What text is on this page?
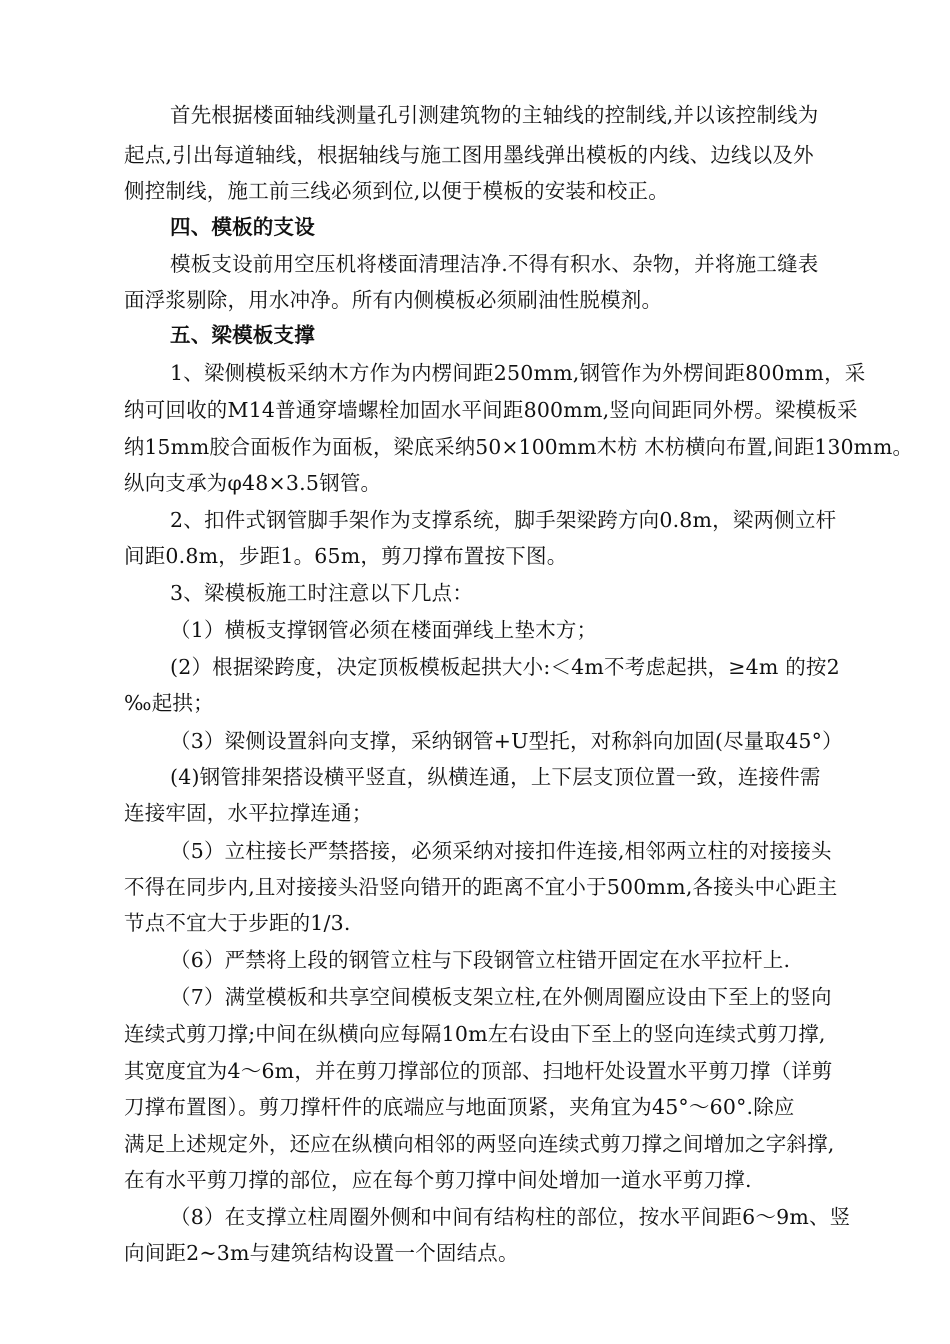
首先根据楼面轴线测量孔引测建筑物的主轴线的控制线,并以该控制线为
起点,引出每道轴线，根据轴线与施工图用墨线弹出模板的内线、边线以及外
侧控制线，施工前三线必须到位,以便于模板的安装和校正。
四、模板的支设
模板支设前用空压机将楼面清理洁净.不得有积水、杂物，并将施工缝表
面浮浆剔除，用水冲净。所有内侧模板必须刷油性脱模剂。
五、梁模板支撑
1、梁侧模板采纳木方作为内楞间距250mm,钢管作为外楞间距800mm，采
纳可回收的M14普通穿墙螺栓加固水平间距800mm,竖向间距同外楞。梁模板采
纳15mm胶合面板作为面板，梁底采纳50×100mm木枋 木枋横向布置,间距130mm。
纵向支承为φ48×3.5钢管。
2、扣件式钢管脚手架作为支撑系统，脚手架梁跨方向0.8m，梁两侧立杆
间距0.8m，步距1。65m，剪刀撑布置按下图。
3、梁模板施工时注意以下几点：
（1）横板支撑钢管必须在楼面弹线上垫木方；
(2）根据梁跨度，决定顶板模板起拱大小:＜4m不考虑起拱，≥4m 的按2
‰起拱；
（3）梁侧设置斜向支撑，采纳钢管+U型托，对称斜向加固(尽量取45°）
(4)钢管排架搭设横平竖直，纵横连通，上下层支顶位置一致，连接件需
连接牢固，水平拉撑连通；
（5）立柱接长严禁搭接，必须采纳对接扣件连接,相邻两立柱的对接接头
不得在同步内,且对接接头沿竖向错开的距离不宜小于500mm,各接头中心距主
节点不宜大于步距的1/3.
（6）严禁将上段的钢管立柱与下段钢管立柱错开固定在水平拉杆上.
（7）满堂模板和共享空间模板支架立柱,在外侧周圈应设由下至上的竖向
连续式剪刀撑;中间在纵横向应每隔10m左右设由下至上的竖向连续式剪刀撑,
其宽度宜为4～6m，并在剪刀撑部位的顶部、扫地杆处设置水平剪刀撑（详剪
刀撑布置图）。剪刀撑杆件的底端应与地面顶紧，夹角宜为45°～60°.除应
满足上述规定外，还应在纵横向相邻的两竖向连续式剪刀撑之间增加之字斜撑,
在有水平剪刀撑的部位，应在每个剪刀撑中间处增加一道水平剪刀撑.
（8）在支撑立柱周圈外侧和中间有结构柱的部位，按水平间距6～9m、竖
向间距2~3m与建筑结构设置一个固结点。
